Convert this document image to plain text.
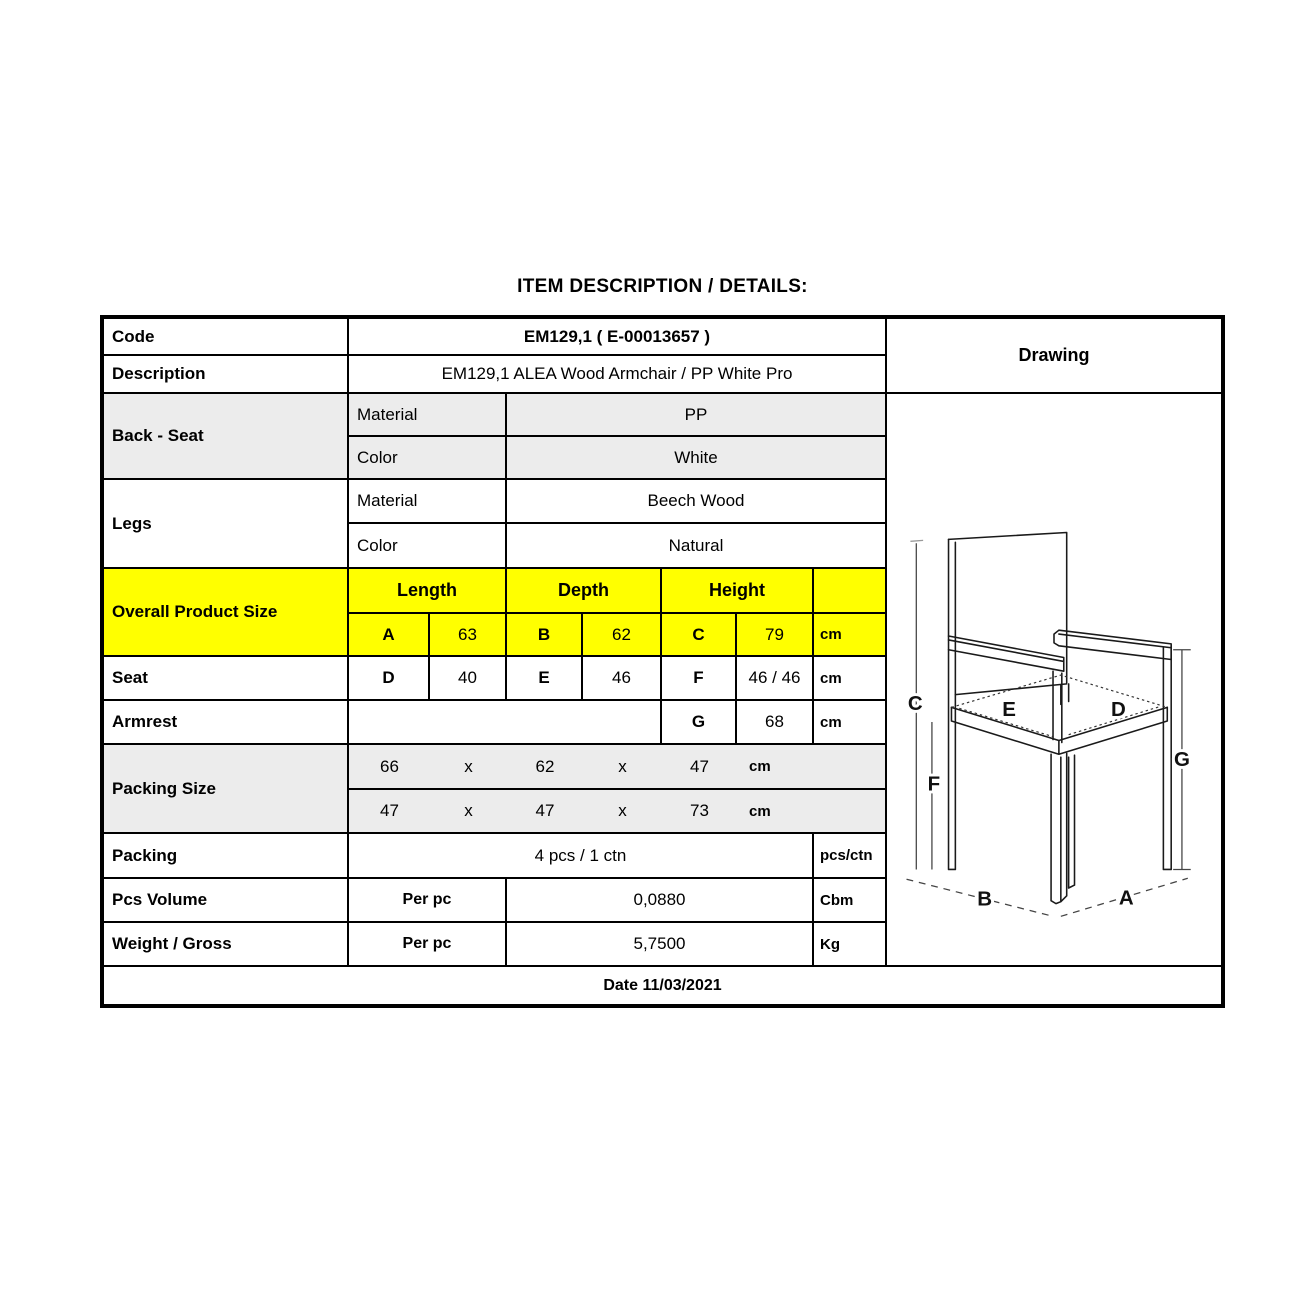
ITEM DESCRIPTION / DETAILS:
Code	EM129,1 ( E-00013657 )
Drawing
Description	EM129,1 ALEA Wood Armchair / PP White Pro
Back - Seat
Material	PP
Color	White
C
F
E	D
G
B	A
Legs
Material	Beech Wood
Color	Natural
Overall Product Size
Length	Depth	Height
A	63	B	62	C	79	cm
Seat	D	40	E	46	F	46 / 46	cm
Armrest	G	68	cm
Packing Size
66	x	62	x	47	cm
47	x	47	x	73	cm
Packing	4 pcs / 1 ctn	pcs/ctn
Pcs Volume	Per pc	0,0880	Cbm
Weight / Gross	Per pc	5,7500	Kg
Date 11/03/2021
